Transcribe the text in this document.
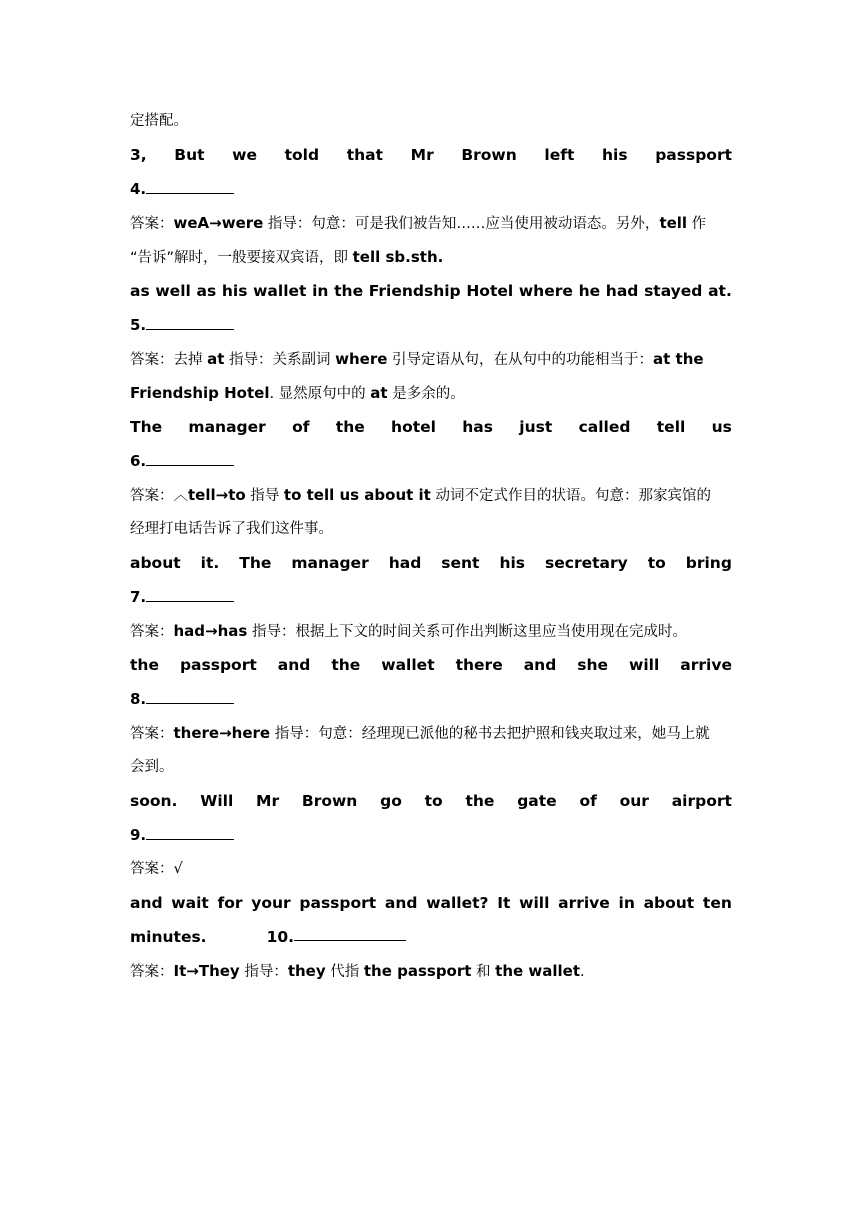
定搭配。
3, But we told that Mr Brown left his passport
4.
答案：weA→were 指导：句意：可是我们被告知……应当使用被动语态。另外，tell 作
“告诉”解时，一般要接双宾语，即 tell sb.sth.
as well as his wallet in the Friendship Hotel where he had stayed at.
5.
答案：去掉 at 指导：关系副词 where 引导定语从句，在从句中的功能相当于：at the
Friendship Hotel. 显然原句中的 at 是多余的。
The manager of the hotel has just called tell us
6.
答案：︿tell→to 指导 to tell us about it 动词不定式作目的状语。句意：那家宾馆的
经理打电话告诉了我们这件事。
about it. The manager had sent his secretary to bring
7.
答案：had→has 指导：根据上下文的时间关系可作出判断这里应当使用现在完成时。
the passport and the wallet there and she will arrive
8.
答案：there→here 指导：句意：经理现已派他的秘书去把护照和钱夹取过来，她马上就
会到。
soon. Will Mr Brown go to the gate of our airport
9.
答案：√
and wait for your passport and wallet? It will arrive in about ten
minutes.	10.
答案：It→They 指导：they 代指 the passport 和 the wallet.
